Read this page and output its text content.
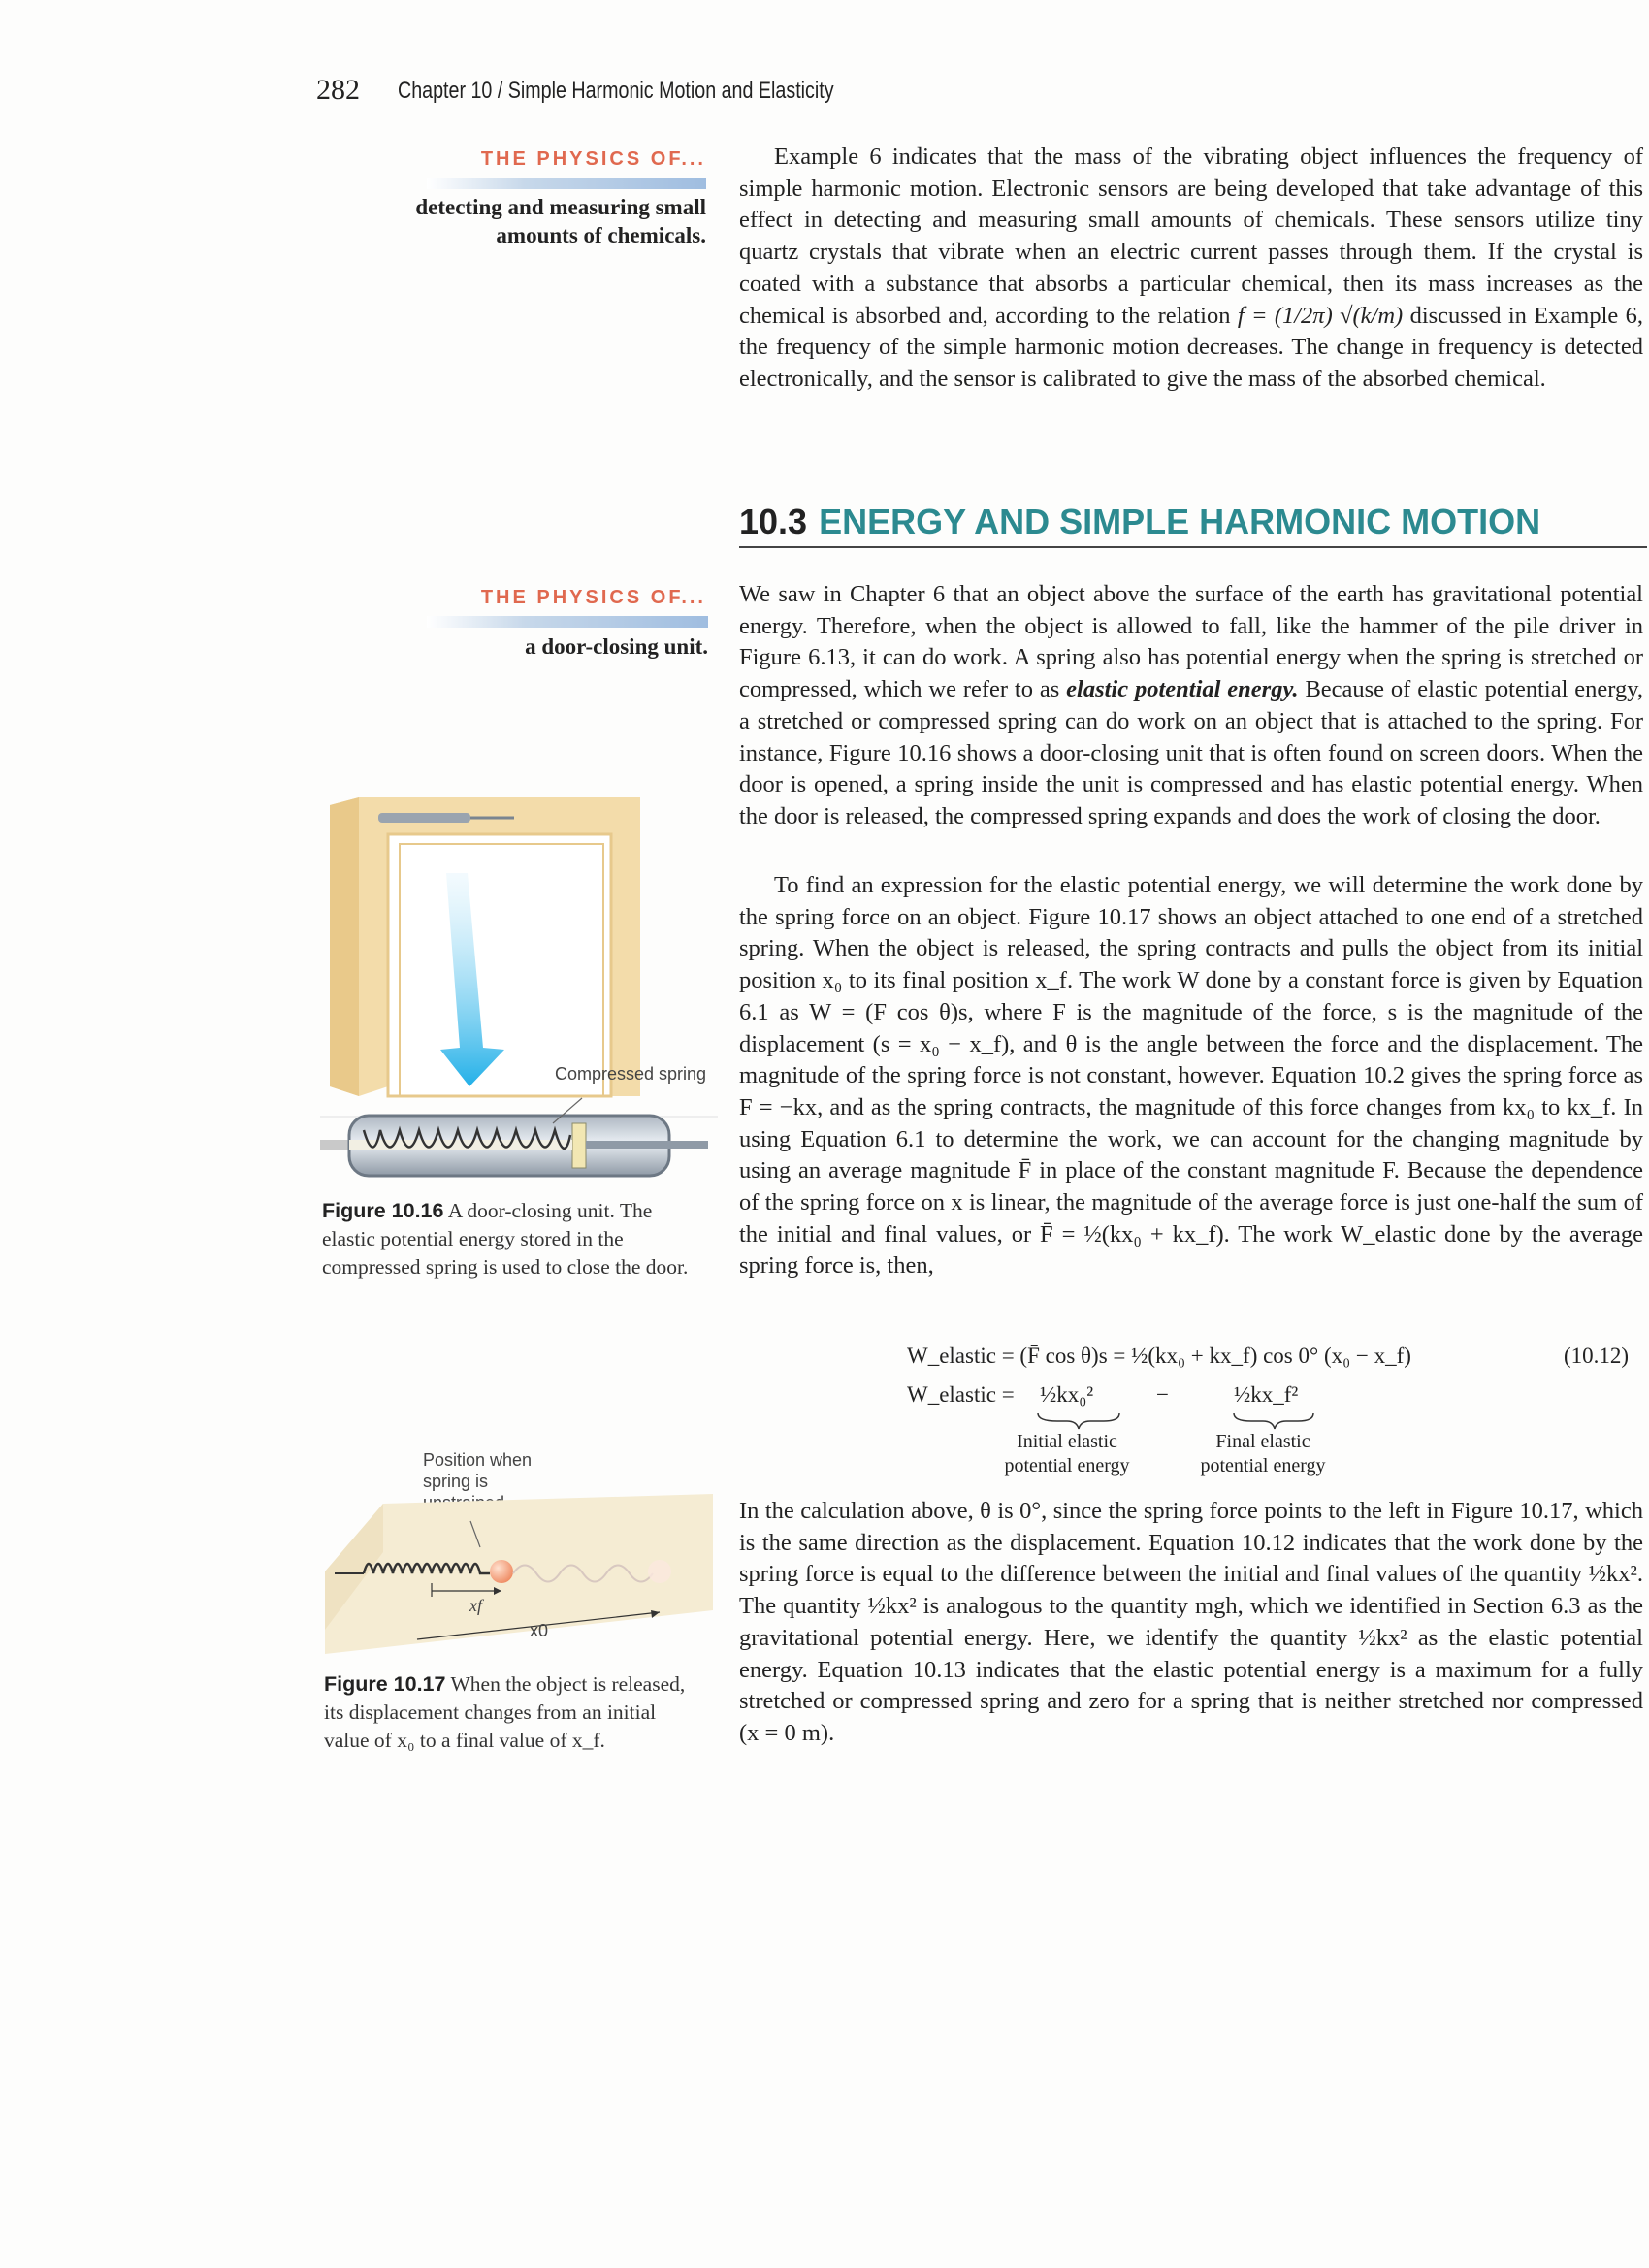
282 Chapter 10 / Simple Harmonic Motion and Elasticity
THE PHYSICS OF...
detecting and measuring small amounts of chemicals.

Example 6 indicates that the mass of the vibrating object influences the frequency of simple harmonic motion. Electronic sensors are being developed that take advantage of this effect in detecting and measuring small amounts of chemicals. These sensors utilize tiny quartz crystals that vibrate when an electric current passes through them. If the crystal is coated with a substance that absorbs a particular chemical, then its mass increases as the chemical is absorbed and, according to the relation f = (1/2π) √(k/m) discussed in Example 6, the frequency of the simple harmonic motion decreases. The change in frequency is detected electronically, and the sensor is calibrated to give the mass of the absorbed chemical.

10.3 ENERGY AND SIMPLE HARMONIC MOTION
THE PHYSICS OF...
a door-closing unit.

We saw in Chapter 6 that an object above the surface of the earth has gravitational potential energy. Therefore, when the object is allowed to fall, like the hammer of the pile driver in Figure 6.13, it can do work. A spring also has potential energy when the spring is stretched or compressed, which we refer to as elastic potential energy. Because of elastic potential energy, a stretched or compressed spring can do work on an object that is attached to the spring. For instance, Figure 10.16 shows a door-closing unit that is often found on screen doors. When the door is opened, a spring inside the unit is compressed and has elastic potential energy. When the door is released, the compressed spring expands and does the work of closing the door.

To find an expression for the elastic potential energy, we will determine the work done by the spring force on an object. Figure 10.17 shows an object attached to one end of a stretched spring. When the object is released, the spring contracts and pulls the object from its initial position x₀ to its final position x_f. The work W done by a constant force is given by Equation 6.1 as W = (F cos θ)s, where F is the magnitude of the force, s is the magnitude of the displacement (s = x₀ − x_f), and θ is the angle between the force and the displacement. The magnitude of the spring force is not constant, however. Equation 10.2 gives the spring force as F = −kx, and as the spring contracts, the magnitude of this force changes from kx₀ to kx_f. In using Equation 6.1 to determine the work, we can account for the changing magnitude by using an average magnitude F̄ in place of the constant magnitude F. Because the dependence of the spring force on x is linear, the magnitude of the average force is just one-half the sum of the initial and final values, or F̄ = ½(kx₀ + kx_f). The work W_elastic done by the average spring force is, then,

W_elastic = (F̄ cos θ)s = ½(kx₀ + kx_f) cos 0° (x₀ − x_f)	(10.12)
W_elastic = ½kx₀²	−	½kx_f²
Initial elastic potential energy
Final elastic potential energy

In the calculation above, θ is 0°, since the spring force points to the left in Figure 10.17, which is the same direction as the displacement. Equation 10.12 indicates that the work done by the spring force is equal to the difference between the initial and final values of the quantity ½kx². The quantity ½kx² is analogous to the quantity mgh, which we identified in Section 6.3 as the gravitational potential energy. Here, we identify the quantity ½kx² as the elastic potential energy. Equation 10.13 indicates that the elastic potential energy is a maximum for a fully stretched or compressed spring and zero for a spring that is neither stretched nor compressed (x = 0 m).

Compressed spring
Figure 10.16 A door-closing unit. The elastic potential energy stored in the compressed spring is used to close the door.
Position when spring is
xf
x0
Figure 10.17 When the object is released, its displacement changes from an initial value of x₀ to a final value of x_f.
